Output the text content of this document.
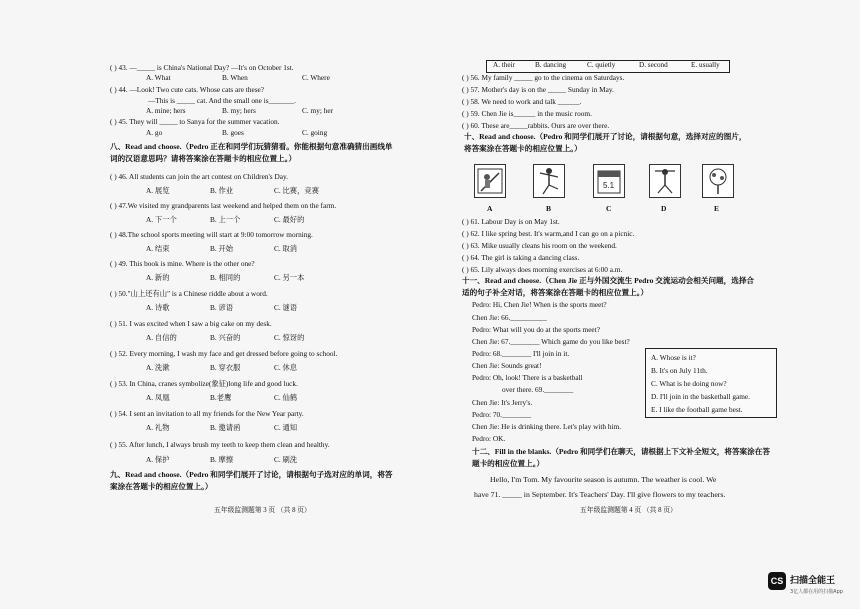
( ) 43. —_____ is China's National Day? —It's on October 1st.
A. What	B. When	C. Where
( ) 44. —Look! Two cute cats. Whose cats are these?
—This is _____ cat. And the small one is_______.
A. mine; hers	B. my; hers	C. my; her
( ) 45. They will _____ to Sanya for the summer vacation.
A. go	B. goes	C. going
八、Read and choose.（Pedro 正在和同学们玩猜猜看。你能根据句意准确猜出画线单词的汉语意思吗？请将答案涂在答题卡的相应位置上。）
( ) 46. All students can join the art contest on Children's Day.
A. 展览	B. 作业	C. 比赛，竞赛
( ) 47.We visited my grandparents last weekend and helped them on the farm.
A. 下一个	B. 上一个	C. 最好的
( ) 48.The school sports meeting will start at 9:00 tomorrow morning.
A. 结束	B. 开始	C. 取消
( ) 49. This book is mine. Where is the other one?
A. 新的	B. 相同的	C. 另一本
( ) 50."山上还有山" is a Chinese riddle about a word.
A. 诗歌	B. 谚语	C. 谜语
( ) 51. I was excited when I saw a big cake on my desk.
A. 自信的	B. 兴奋的	C. 惊讶的
( ) 52. Every morning, I wash my face and get dressed before going to school.
A. 洗漱	B. 穿衣服	C. 休息
( ) 53. In China, cranes symbolize(象征)long life and good luck.
A. 凤凰	B.老鹰	C. 仙鹤
( ) 54. I sent an invitation to all my friends for the New Year party.
A. 礼物	B. 邀请函	C. 通知
( ) 55. After lunch, I always brush my teeth to keep them clean and healthy.
A. 保护	B. 摩擦	C. 刷洗
九、Read and choose.（Pedro 和同学们展开了讨论，请根据句子选对应的单词，将答案涂在答题卡的相应位置上。）
五年级监测题第 3 页 （共 8 页）
A. their	B. dancing	C. quietly	D. second	E. usually
( ) 56. My family _____ go to the cinema on Saturdays.
( ) 57. Mother's day is on the _____ Sunday in May.
( ) 58. We need to work and talk ______.
( ) 59. Chen Jie is______ in the music room.
( ) 60. These are_____rabbits. Ours are over there.
十、Read and choose.（Pedro 和同学们展开了讨论，请根据句意，选择对应的图片，将答案涂在答题卡的相应位置上。）
5.1
A	B	C	D	E
( ) 61. Labour Day is on May 1st.
( ) 62. I like spring best. It's warm,and I can go on a picnic.
( ) 63. Mike usually cleans his room on the weekend.
( ) 64. The girl is taking a dancing class.
( ) 65. Lily always does morning exercises at 6:00 a.m.
十一、Read and choose.（Chen Jie 正与外国交流生 Pedro 交流运动会相关问题，选择合适的句子补全对话，将答案涂在答题卡的相应位置上。）
Pedro: Hi, Chen Jie! When is the sports meet?
Chen Jie: 66.__________
Pedro: What will you do at the sports meet?
Chen Jie: 67.________ Which game do you like best?
Pedro: 68.________ I'll join in it.
Chen Jie: Sounds great!
Pedro: Oh, look! There is a basketball
over there. 69.________
Chen Jie: It's Jerry's.
Pedro: 70.________
Chen Jie: He is drinking there. Let's play with him.
Pedro: OK.
A. Whose is it?
B. It's on July 11th.
C. What is he doing now?
D. I'll join in the basketball game.
E. I like the football game best.
十二、Fill in the blanks.（Pedro 和同学们在聊天，请根据上下文补全短文，将答案涂在答题卡的相应位置上。）
Hello, I'm Tom. My favourite season is autumn. The weather is cool. We
have 71. _____ in September. It's Teachers' Day. I'll give flowers to my teachers.
五年级监测题第 4 页 （共 8 页）
CS 扫描全能王
3亿人都在用的扫描App
